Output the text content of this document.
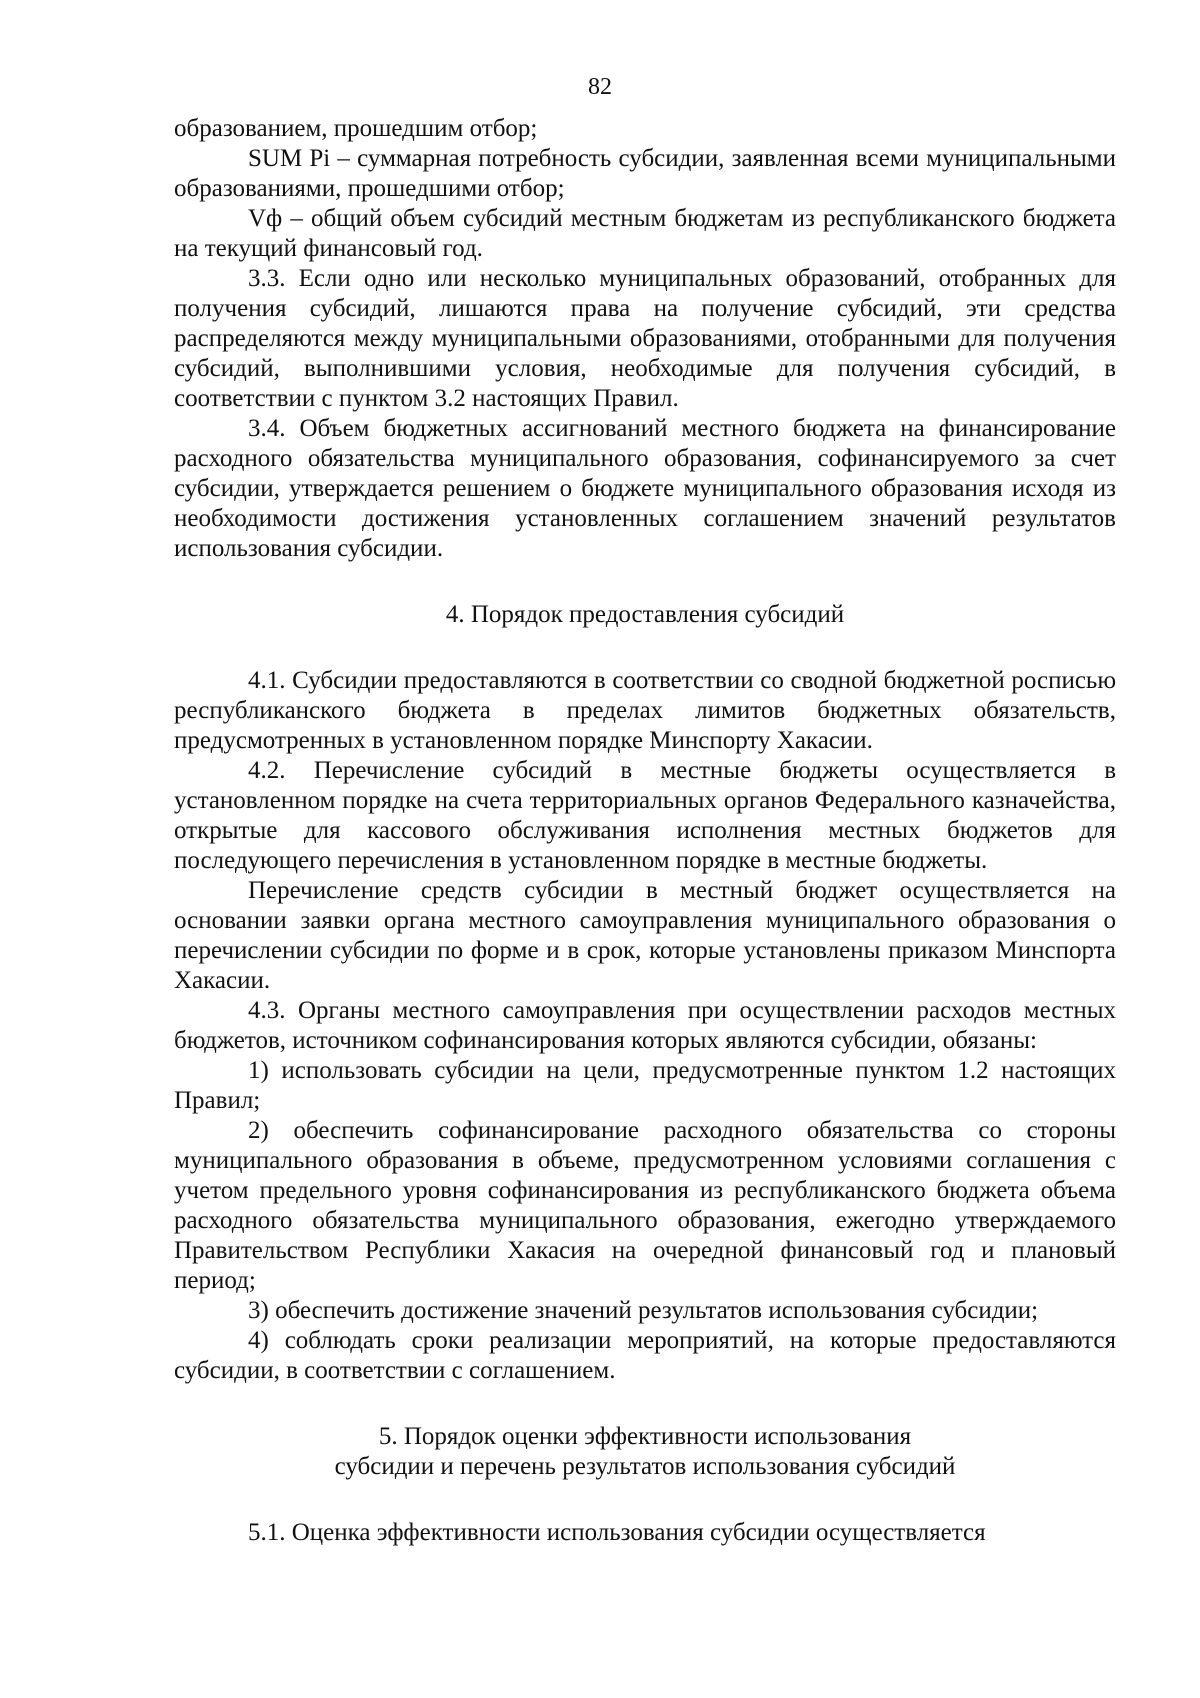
82

образованием, прошедшим отбор;

SUM Pi – суммарная потребность субсидии, заявленная всеми муниципальными образованиями, прошедшими отбор;

Vф – общий объем субсидий местным бюджетам из республиканского бюджета на текущий финансовый год.

3.3. Если одно или несколько муниципальных образований, отобранных для получения субсидий, лишаются права на получение субсидий, эти средства распределяются между муниципальными образованиями, отобранными для получения субсидий, выполнившими условия, необходимые для получения субсидий, в соответствии с пунктом 3.2 настоящих Правил.

3.4. Объем бюджетных ассигнований местного бюджета на финансирование расходного обязательства муниципального образования, софинансируемого за счет субсидии, утверждается решением о бюджете муниципального образования исходя из необходимости достижения установленных соглашением значений результатов использования субсидии.

4. Порядок предоставления субсидий

4.1. Субсидии предоставляются в соответствии со сводной бюджетной росписью республиканского бюджета в пределах лимитов бюджетных обязательств, предусмотренных в установленном порядке Минспорту Хакасии.

4.2. Перечисление субсидий в местные бюджеты осуществляется в установленном порядке на счета территориальных органов Федерального казначейства, открытые для кассового обслуживания исполнения местных бюджетов для последующего перечисления в установленном порядке в местные бюджеты.

Перечисление средств субсидии в местный бюджет осуществляется на основании заявки органа местного самоуправления муниципального образования о перечислении субсидии по форме и в срок, которые установлены приказом Минспорта Хакасии.

4.3. Органы местного самоуправления при осуществлении расходов местных бюджетов, источником софинансирования которых являются субсидии, обязаны:

1) использовать субсидии на цели, предусмотренные пунктом 1.2 настоящих Правил;

2) обеспечить софинансирование расходного обязательства со стороны муниципального образования в объеме, предусмотренном условиями соглашения с учетом предельного уровня софинансирования из республиканского бюджета объема расходного обязательства муниципального образования, ежегодно утверждаемого Правительством Республики Хакасия на очередной финансовый год и плановый период;

3) обеспечить достижение значений результатов использования субсидии;

4) соблюдать сроки реализации мероприятий, на которые предоставляются субсидии, в соответствии с соглашением.

5. Порядок оценки эффективности использования
субсидии и перечень результатов использования субсидий

5.1. Оценка эффективности использования субсидии осуществляется
